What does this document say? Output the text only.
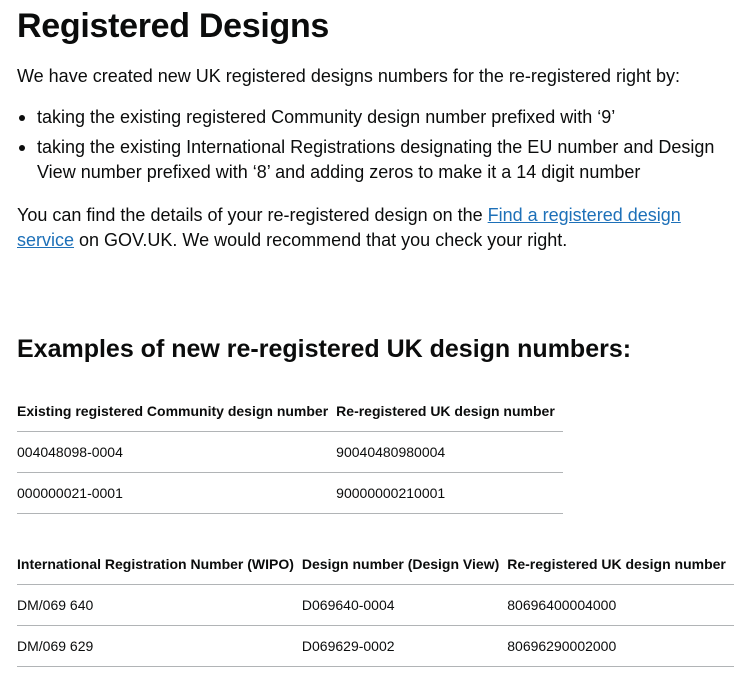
Registered Designs

We have created new UK registered designs numbers for the re-registered right by:

taking the existing registered Community design number prefixed with ‘9’
taking the existing International Registrations designating the EU number and Design View number prefixed with ‘8’ and adding zeros to make it a 14 digit number

You can find the details of your re-registered design on the Find a registered design service on GOV.UK. We would recommend that you check your right.

Examples of new re-registered UK design numbers:
Existing registered Community design number	Re-registered UK design number
004048098-0004	90040480980004
000000021-0001	90000000210001
International Registration Number (WIPO)	Design number (Design View)	Re-registered UK design number
DM/069 640	D069640-0004	80696400004000
DM/069 629	D069629-0002	80696290002000
